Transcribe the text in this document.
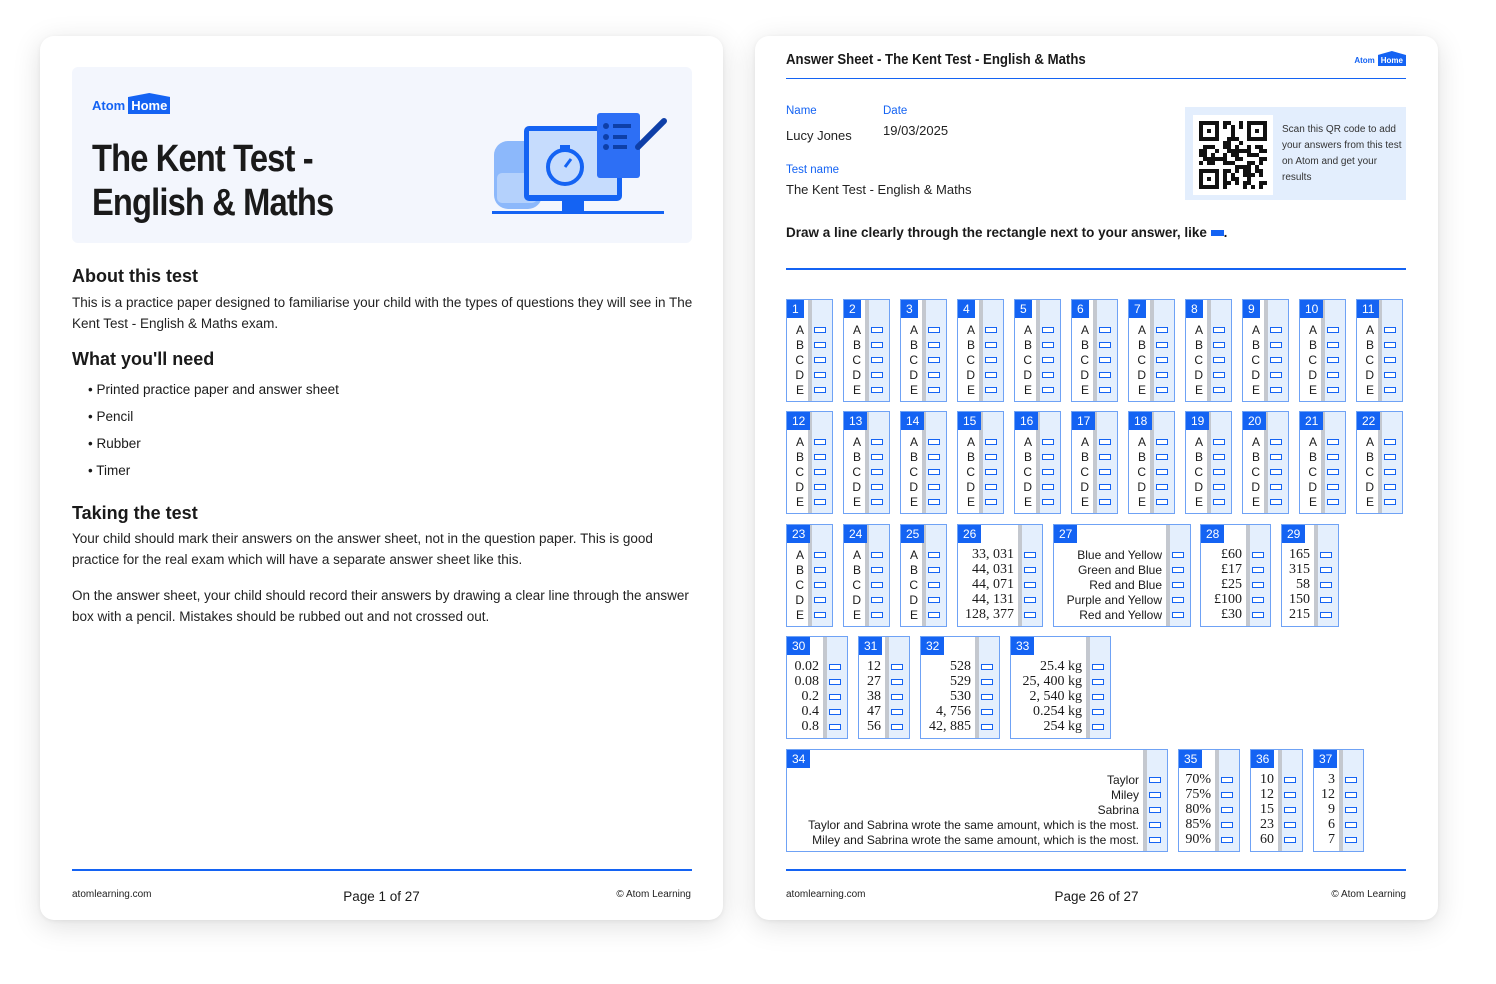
Atom Home
The Kent Test - English & Maths
About this test

This is a practice paper designed to familiarise your child with the types of questions they will see in The Kent Test - English & Maths exam.

What you'll need
• Printed practice paper and answer sheet
• Pencil
• Rubber
• Timer
Taking the test

Your child should mark their answers on the answer sheet, not in the question paper. This is good practice for the real exam which will have a separate answer sheet like this.

On the answer sheet, your child should record their answers by drawing a clear line through the answer box with a pencil. Mistakes should be rubbed out and not crossed out.

atomlearning.com	Page 1 of 27	© Atom Learning
Answer Sheet - The Kent Test - English & Maths	Atom Home
Name
Lucy Jones
Date
19/03/2025
Test name
The Kent Test - English & Maths
Scan this QR code to add your answers from this test on Atom and get your results
Draw a line clearly through the rectangle next to your answer, like .
1
A
B
C
D
E
2
A
B
C
D
E
3
A
B
C
D
E
4
A
B
C
D
E
5
A
B
C
D
E
6
A
B
C
D
E
7
A
B
C
D
E
8
A
B
C
D
E
9
A
B
C
D
E
10
A
B
C
D
E
11
A
B
C
D
E
12
A
B
C
D
E
13
A
B
C
D
E
14
A
B
C
D
E
15
A
B
C
D
E
16
A
B
C
D
E
17
A
B
C
D
E
18
A
B
C
D
E
19
A
B
C
D
E
20
A
B
C
D
E
21
A
B
C
D
E
22
A
B
C
D
E
23
A
B
C
D
E
24
A
B
C
D
E
25
A
B
C
D
E
26
33, 031
44, 031
44, 071
44, 131
128, 377
27
Blue and Yellow
Green and Blue
Red and Blue
Purple and Yellow
Red and Yellow
28
£60
£17
£25
£100
£30
29
165
315
58
150
215
30
0.02
0.08
0.2
0.4
0.8
31
12
27
38
47
56
32
528
529
530
4, 756
42, 885
33
25.4 kg
25, 400 kg
2, 540 kg
0.254 kg
254 kg
34
Taylor
Miley
Sabrina
Taylor and Sabrina wrote the same amount, which is the most.
Miley and Sabrina wrote the same amount, which is the most.
35
70%
75%
80%
85%
90%
36
10
12
15
23
60
37
3
12
9
6
7
atomlearning.com	Page 26 of 27	© Atom Learning
